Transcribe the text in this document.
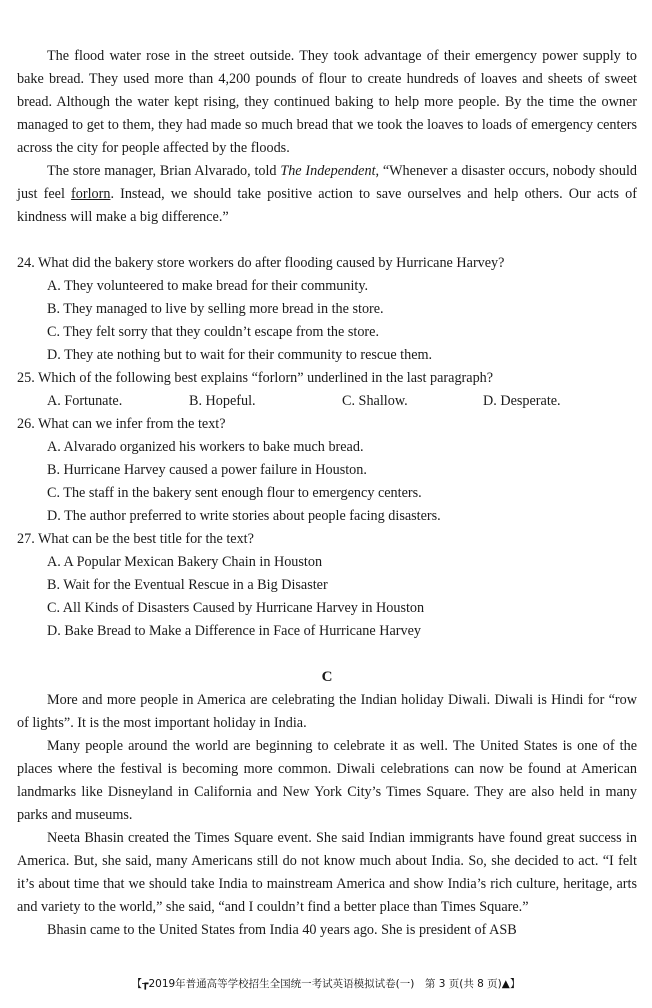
The flood water rose in the street outside. They took advantage of their emergency power supply to bake bread. They used more than 4,200 pounds of flour to create hundreds of loaves and sheets of sweet bread. Although the water kept rising, they continued baking to help more people. By the time the owner managed to get to them, they had made so much bread that we took the loaves to loads of emergency centers across the city for people affected by the floods.

The store manager, Brian Alvarado, told The Independent, “Whenever a disaster occurs, nobody should just feel forlorn. Instead, we should take positive action to save ourselves and help others. Our acts of kindness will make a big difference.”

24. What did the bakery store workers do after flooding caused by Hurricane Harvey?

A. They volunteered to make bread for their community.

B. They managed to live by selling more bread in the store.

C. They felt sorry that they couldn’t escape from the store.

D. They ate nothing but to wait for their community to rescue them.

25. Which of the following best explains “forlorn” underlined in the last paragraph?

A. Fortunate.	B. Hopeful.	C. Shallow.	D. Desperate.

26. What can we infer from the text?

A. Alvarado organized his workers to bake much bread.

B. Hurricane Harvey caused a power failure in Houston.

C. The staff in the bakery sent enough flour to emergency centers.

D. The author preferred to write stories about people facing disasters.

27. What can be the best title for the text?

A. A Popular Mexican Bakery Chain in Houston

B. Wait for the Eventual Rescue in a Big Disaster

C. All Kinds of Disasters Caused by Hurricane Harvey in Houston

D. Bake Bread to Make a Difference in Face of Hurricane Harvey

C

More and more people in America are celebrating the Indian holiday Diwali. Diwali is Hindi for “row of lights”. It is the most important holiday in India.

Many people around the world are beginning to celebrate it as well. The United States is one of the places where the festival is becoming more common. Diwali celebrations can now be found at American landmarks like Disneyland in California and New York City’s Times Square. They are also held in many parks and museums.

Neeta Bhasin created the Times Square event. She said Indian immigrants have found great success in America. But, she said, many Americans still do not know much about India. So, she decided to act. “I felt it’s about time that we should take India to mainstream America and show India’s rich culture, heritage, arts and variety to the world,” she said, “and I couldn’t find a better place than Times Square.”

Bhasin came to the United States from India 40 years ago. She is president of ASB

【┲2019年普通高等学校招生全国统一考试英语模拟试卷(一)　第 3 页(共 8 页)▲】
